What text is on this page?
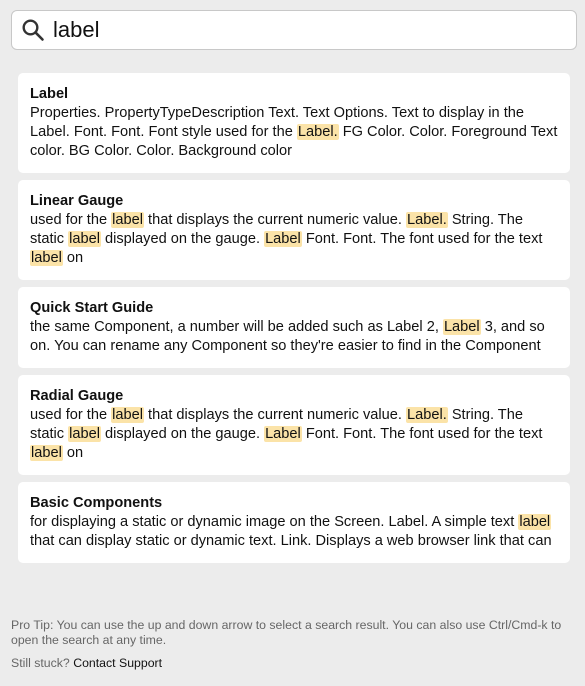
label
Label
Properties. PropertyTypeDescription Text. Text Options. Text to display in the Label. Font. Font. Font style used for the Label. FG Color. Color. Foreground Text color. BG Color. Color. Background color
Linear Gauge
used for the label that displays the current numeric value. Label. String. The static label displayed on the gauge. Label Font. Font. The font used for the text label on
Quick Start Guide
the same Component, a number will be added such as Label 2, Label 3, and so on. You can rename any Component so they're easier to find in the Component
Radial Gauge
used for the label that displays the current numeric value. Label. String. The static label displayed on the gauge. Label Font. Font. The font used for the text label on
Basic Components
for displaying a static or dynamic image on the Screen. Label. A simple text label that can display static or dynamic text. Link. Displays a web browser link that can
Pro Tip: You can use the up and down arrow to select a search result. You can also use Ctrl/Cmd-k to open the search at any time.
Still stuck? Contact Support
